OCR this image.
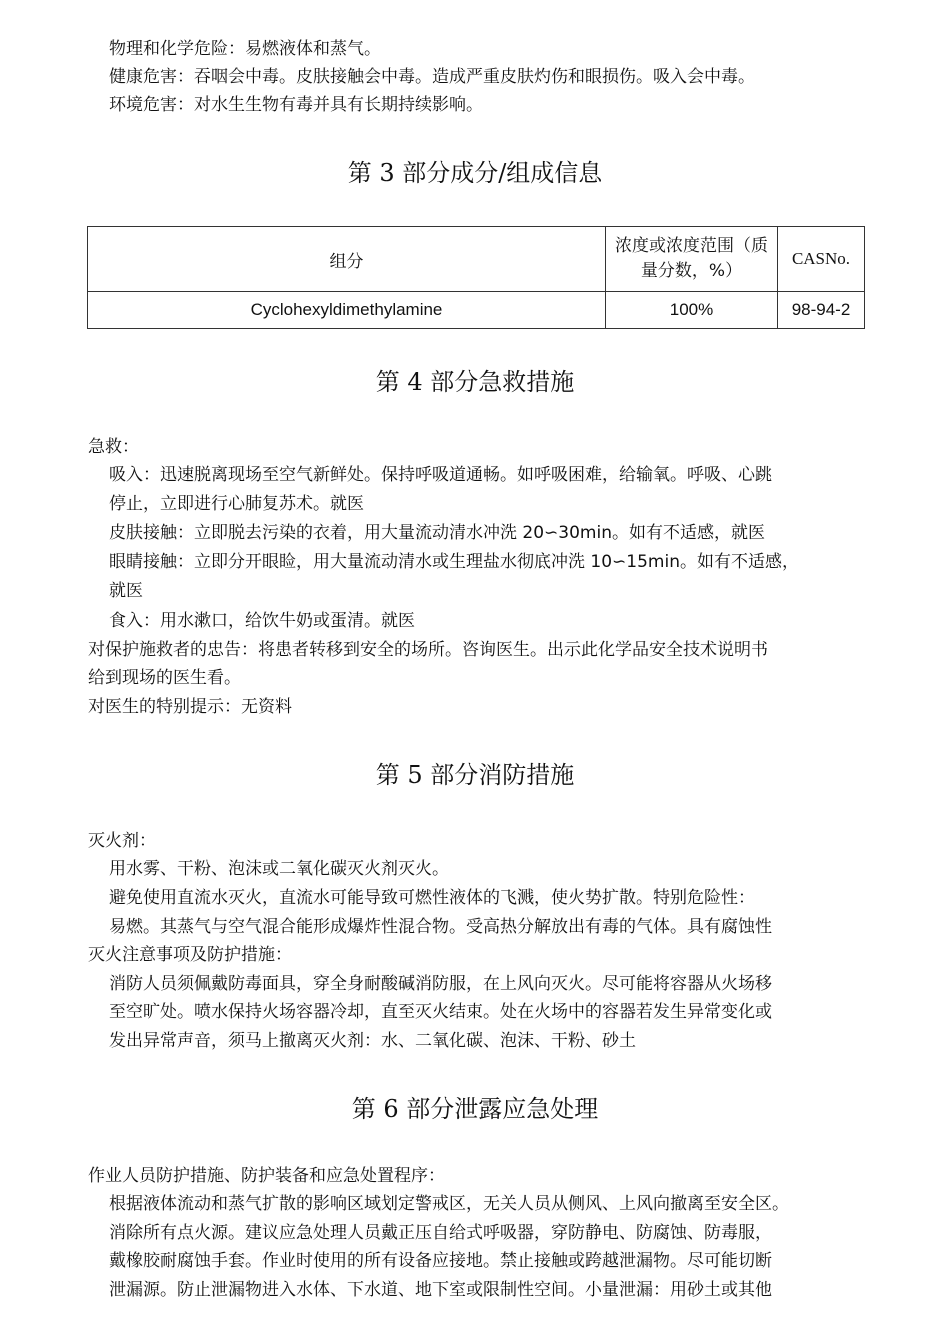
物理和化学危险：易燃液体和蒸气。
健康危害：吞咽会中毒。皮肤接触会中毒。造成严重皮肤灼伤和眼损伤。吸入会中毒。
环境危害：对水生生物有毒并具有长期持续影响。
第 3 部分成分/组成信息
组分	浓度或浓度范围（质量分数，%）	CASNo.
Cyclohexyldimethylamine	100%	98-94-2
第 4 部分急救措施
急救：
吸入：迅速脱离现场至空气新鲜处。保持呼吸道通畅。如呼吸困难，给输氧。呼吸、心跳
停止，立即进行心肺复苏术。就医
皮肤接触：立即脱去污染的衣着，用大量流动清水冲洗 20∽30min。如有不适感，就医
眼睛接触：立即分开眼睑，用大量流动清水或生理盐水彻底冲洗 10∽15min。如有不适感，
就医
食入：用水漱口，给饮牛奶或蛋清。就医
对保护施救者的忠告：将患者转移到安全的场所。咨询医生。出示此化学品安全技术说明书
给到现场的医生看。
对医生的特别提示：无资料
第 5 部分消防措施
灭火剂：
用水雾、干粉、泡沫或二氧化碳灭火剂灭火。
避免使用直流水灭火，直流水可能导致可燃性液体的飞溅，使火势扩散。特别危险性：
易燃。其蒸气与空气混合能形成爆炸性混合物。受高热分解放出有毒的气体。具有腐蚀性
灭火注意事项及防护措施：
消防人员须佩戴防毒面具，穿全身耐酸碱消防服，在上风向灭火。尽可能将容器从火场移
至空旷处。喷水保持火场容器冷却，直至灭火结束。处在火场中的容器若发生异常变化或
发出异常声音，须马上撤离灭火剂：水、二氧化碳、泡沫、干粉、砂土
第 6 部分泄露应急处理
作业人员防护措施、防护装备和应急处置程序：
根据液体流动和蒸气扩散的影响区域划定警戒区，无关人员从侧风、上风向撤离至安全区。
消除所有点火源。建议应急处理人员戴正压自给式呼吸器，穿防静电、防腐蚀、防毒服，
戴橡胶耐腐蚀手套。作业时使用的所有设备应接地。禁止接触或跨越泄漏物。尽可能切断
泄漏源。防止泄漏物进入水体、下水道、地下室或限制性空间。小量泄漏：用砂土或其他
